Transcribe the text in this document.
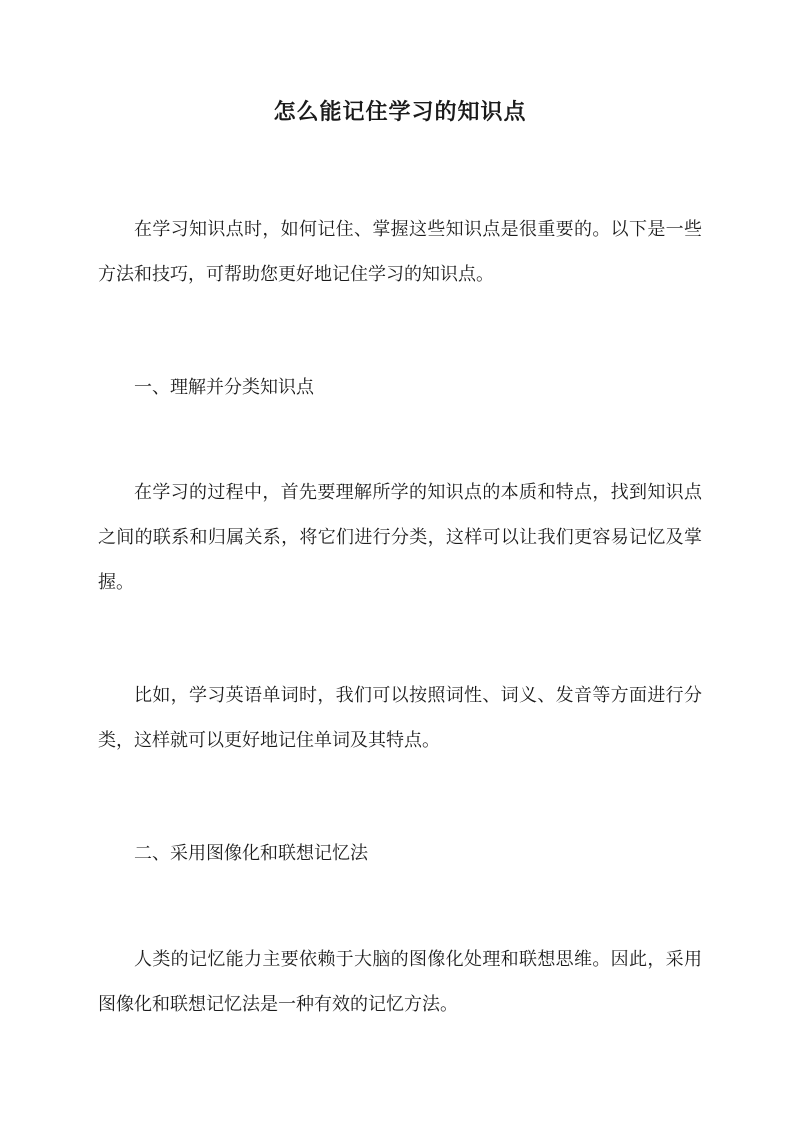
怎么能记住学习的知识点
在学习知识点时，如何记住、掌握这些知识点是很重要的。以下是一些方法和技巧，可帮助您更好地记住学习的知识点。
一、理解并分类知识点
在学习的过程中，首先要理解所学的知识点的本质和特点，找到知识点之间的联系和归属关系，将它们进行分类，这样可以让我们更容易记忆及掌握。
比如，学习英语单词时，我们可以按照词性、词义、发音等方面进行分类，这样就可以更好地记住单词及其特点。
二、采用图像化和联想记忆法
人类的记忆能力主要依赖于大脑的图像化处理和联想思维。因此，采用图像化和联想记忆法是一种有效的记忆方法。
